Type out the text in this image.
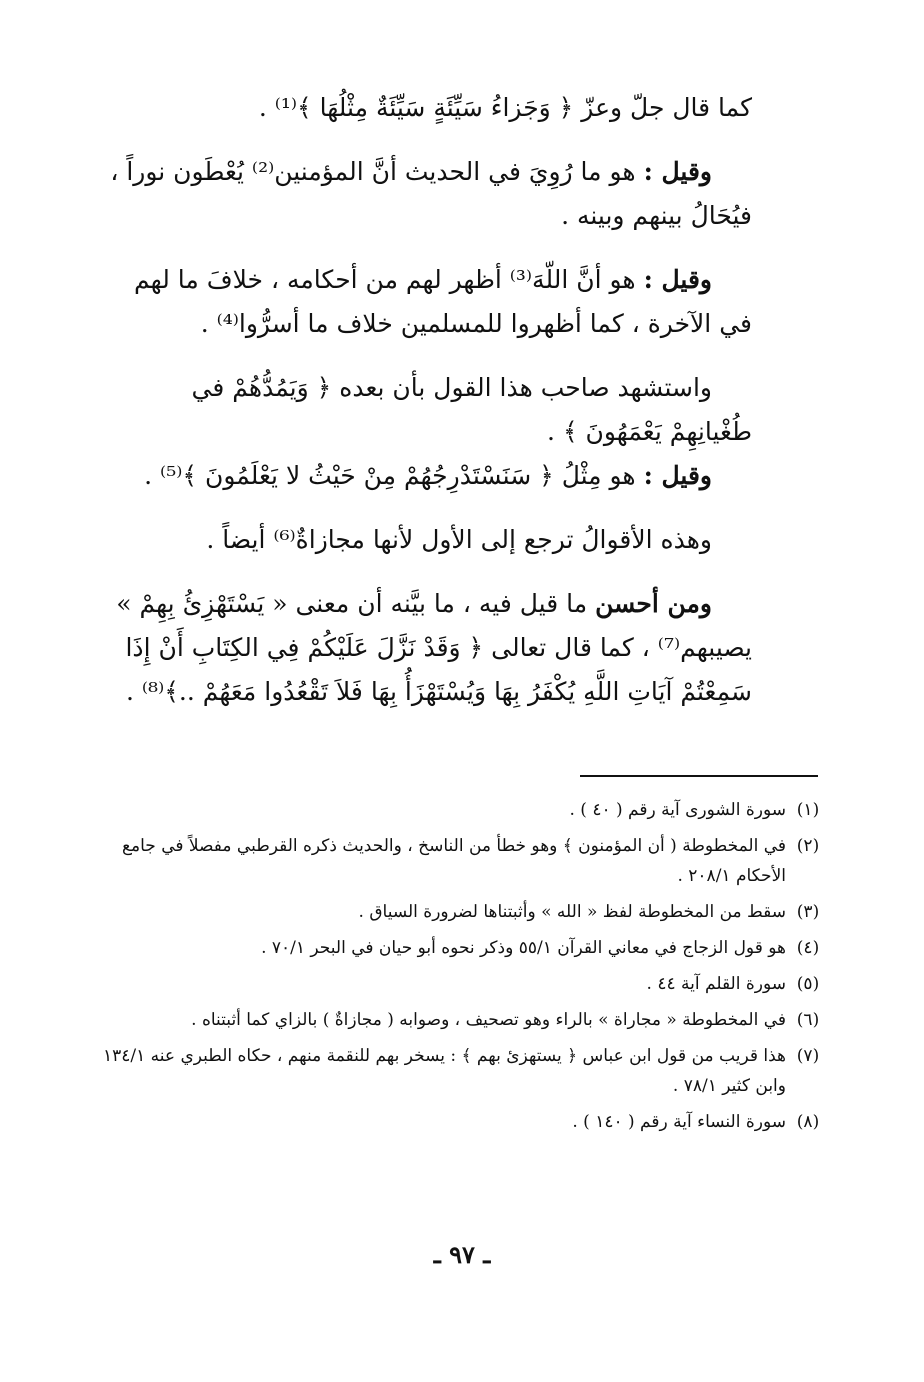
كما قال جلّ وعزّ ﴿ وَجَزاءُ سَيِّئَةٍ سَيِّئَةٌ مِثْلُهَا ﴾⁽¹⁾ .
وقيل : هو ما رُوِيَ في الحديث أنَّ المؤمنين⁽²⁾ يُعْطَون نوراً ،
فيُحَالُ بينهم وبينه .
وقيل : هو أنَّ اللّهَ⁽³⁾ أظهر لهم من أحكامه ، خلافَ ما لهم
في الآخرة ، كما أظهروا للمسلمين خلاف ما أسرُّوا⁽⁴⁾ .
واستشهد صاحب هذا القول بأن بعده ﴿ وَيَمُدُّهُمْ في
طُغْيانِهِمْ يَعْمَهُونَ ﴾ .
وقيل : هو مِثْلُ ﴿ سَنَسْتَدْرِجُهُمْ مِنْ حَيْثُ لا يَعْلَمُونَ ﴾⁽⁵⁾ .
وهذه الأقوالُ ترجع إلى الأول لأنها مجازاةٌ⁽⁶⁾ أيضاً .
ومن أحسن ما قيل فيه ، ما بيَّنه أن معنى « يَسْتَهْزِئُ بِهِمْ »
يصيبهم⁽⁷⁾ ، كما قال تعالى ﴿ وَقَدْ نَزَّلَ عَلَيْكُمْ فِي الكِتَابِ أَنْ إِذَا
سَمِعْتُمْ آيَاتِ اللَّهِ يُكْفَرُ بِهَا وَيُسْتَهْزَأُ بِهَا فَلاَ تَقْعُدُوا مَعَهُمْ ..﴾⁽⁸⁾ .
(١)
سورة الشورى آية رقم ( ٤٠ ) .
(٢)
في المخطوطة ( أن المؤمنون ﴾ وهو خطأ من الناسخ ، والحديث ذكره القرطبي مفصلاً في جامع الأحكام ٢٠٨/١ .
(٣)
سقط من المخطوطة لفظ « الله » وأثبتناها لضرورة السياق .
(٤)
هو قول الزجاج في معاني القرآن ٥٥/١ وذكر نحوه أبو حيان في البحر ٧٠/١ .
(٥)
سورة القلم آية ٤٤ .
(٦)
في المخطوطة « مجاراة » بالراء وهو تصحيف ، وصوابه ( مجازاةٌ ) بالزاي كما أثبتناه .
(٧)
هذا قريب من قول ابن عباس ﴿ يستهزئ بهم ﴾ : يسخر بهم للنقمة منهم ، حكاه الطبري عنه ١٣٤/١ وابن كثير ٧٨/١ .
(٨)
سورة النساء آية رقم ( ١٤٠ ) .
ـ ٩٧ ـ
